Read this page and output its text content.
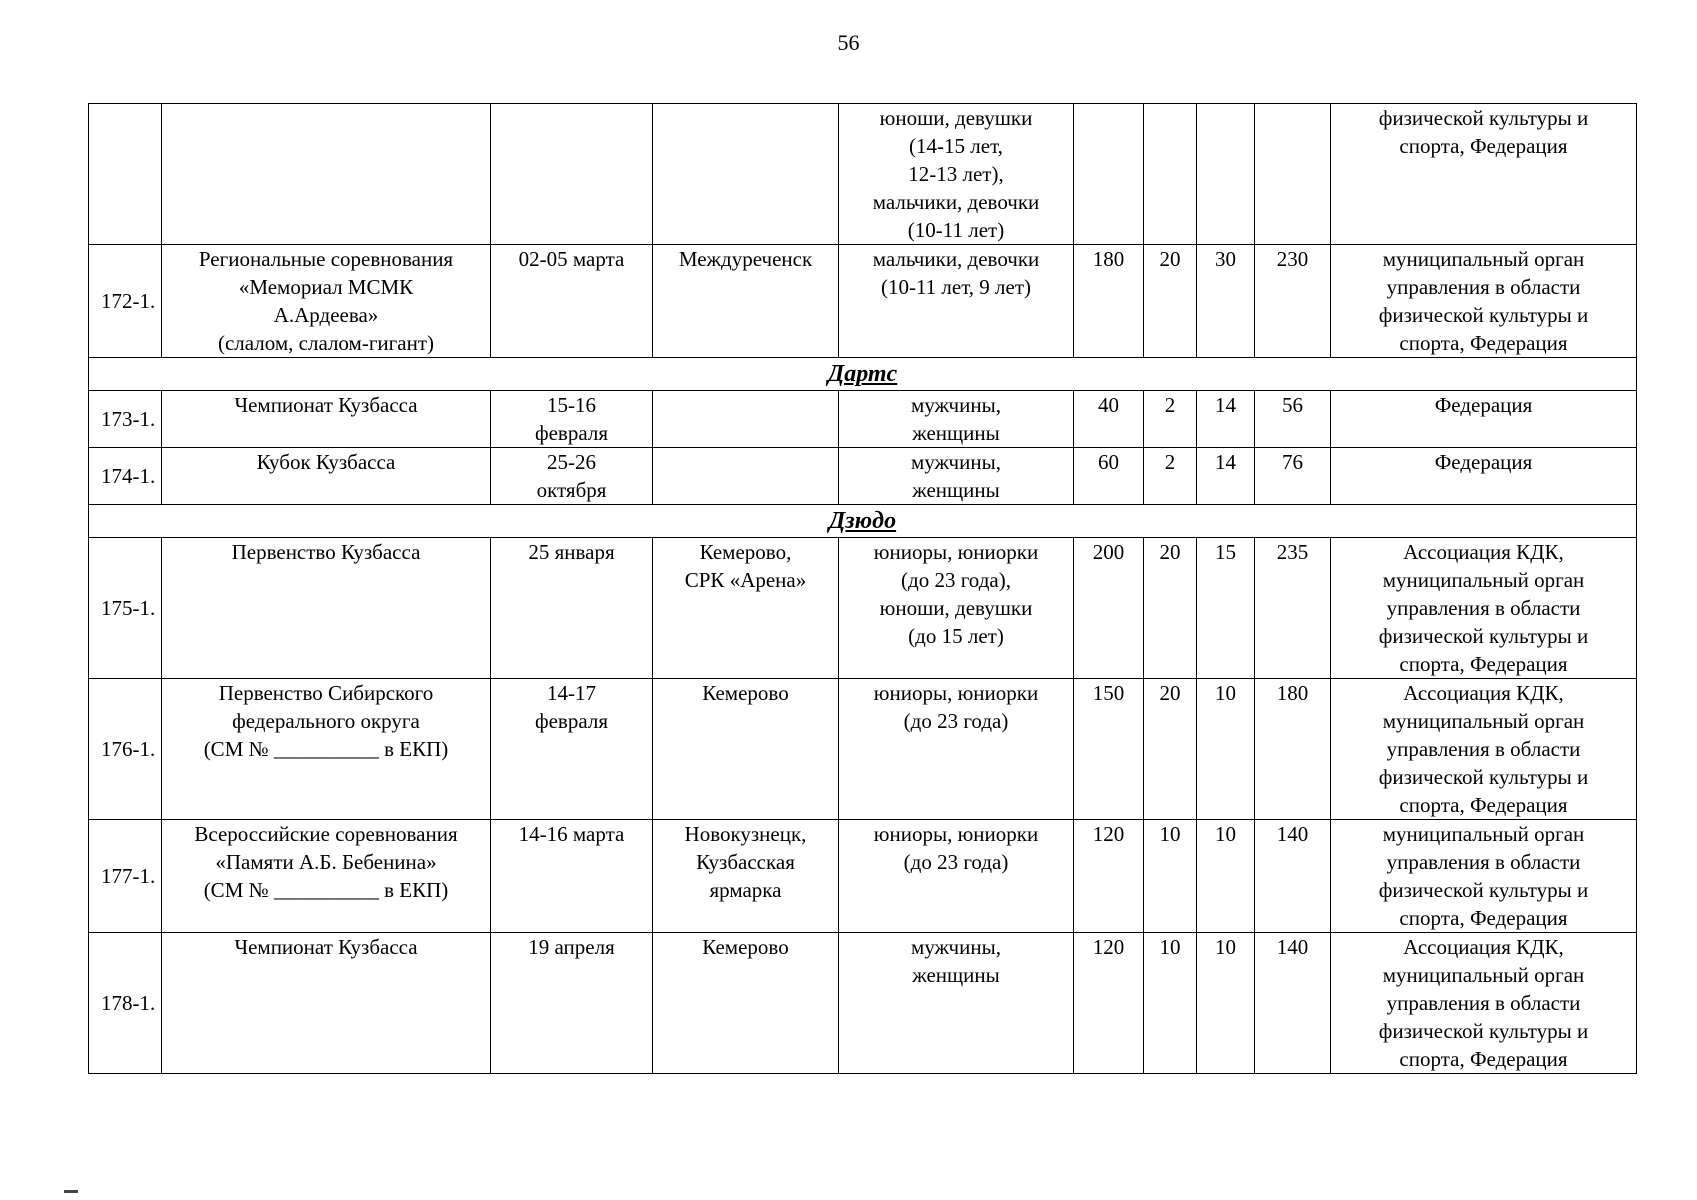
56
				юноши, девушки
(14-15 лет,
12-13 лет),
мальчики, девочки
(10-11 лет)					физической культуры и
спорта, Федерация
172-1.	Региональные соревнования
«Мемориал МСМК
А.Ардеева»
(слалом, слалом-гигант)	02-05 марта	Междуреченск	мальчики, девочки
(10-11 лет, 9 лет)	180	20	30	230	муниципальный орган
управления в области
физической культуры и
спорта, Федерация
Дартс									
173-1.	Чемпионат Кузбасса	15-16
февраля		мужчины,
женщины	40	2	14	56	Федерация
174-1.	Кубок Кузбасса	25-26
октября		мужчины,
женщины	60	2	14	76	Федерация
Дзюдо									
175-1.	Первенство Кузбасса	25 января	Кемерово,
СРК «Арена»	юниоры, юниорки
(до 23 года),
юноши, девушки
(до 15 лет)	200	20	15	235	Ассоциация КДК,
муниципальный орган
управления в области
физической культуры и
спорта, Федерация
176-1.	Первенство Сибирского
федерального округа
(СМ № __________ в ЕКП)	14-17
февраля	Кемерово	юниоры, юниорки
(до 23 года)	150	20	10	180	Ассоциация КДК,
муниципальный орган
управления в области
физической культуры и
спорта, Федерация
177-1.	Всероссийские соревнования
«Памяти А.Б. Бебенина»
(СМ № __________ в ЕКП)	14-16 марта	Новокузнецк,
Кузбасская
ярмарка	юниоры, юниорки
(до 23 года)	120	10	10	140	муниципальный орган
управления в области
физической культуры и
спорта, Федерация
178-1.	Чемпионат Кузбасса	19 апреля	Кемерово	мужчины,
женщины	120	10	10	140	Ассоциация КДК,
муниципальный орган
управления в области
физической культуры и
спорта, Федерация
